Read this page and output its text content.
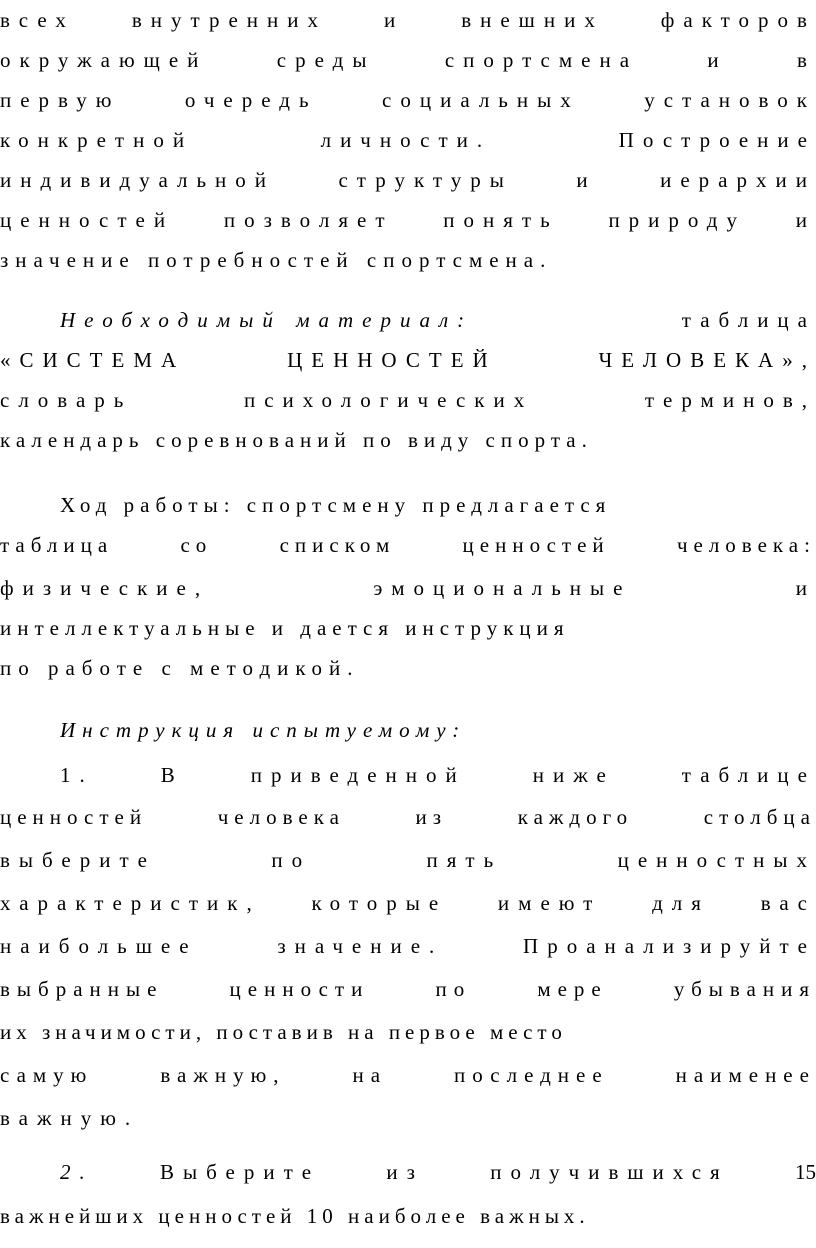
всех	внутренних	и	внешних	факторов
окружающей	среды	спортсмена	и	в
первую	очередь	социальных	установок
конкретной	личности.	Построение
индивидуальной	структуры	и	иерархии
ценностей позволяет понять природу и
значение потребностей спортсмена.
Необходимый материал:	таблица
«СИСТЕМА	ЦЕННОСТЕЙ	ЧЕЛОВЕКА»,
словарь	психологических	терминов,
календарь соревнований по виду спорта.
Ход работы: спортсмену предлагается
таблица	со	списком	ценностей	человека:
физические,	эмоциональные	и
интеллектуальные и дается инструкция
по работе с методикой.
Инструкция испытуемому:
1.	В	приведенной	ниже	таблице
ценностей	человека	из	каждого	столбца
выберите	по	пять	ценностных
характеристик, которые имеют для вас
наибольшее	значение.	Проанализируйте
выбранные	ценности	по	мере	убывания
их значимости, поставив на первое место
самую	важную,	на	последнее	наименее
важную.
2.	Выберите	из	получившихся	15
важнейших ценностей 10 наиболее важных.
